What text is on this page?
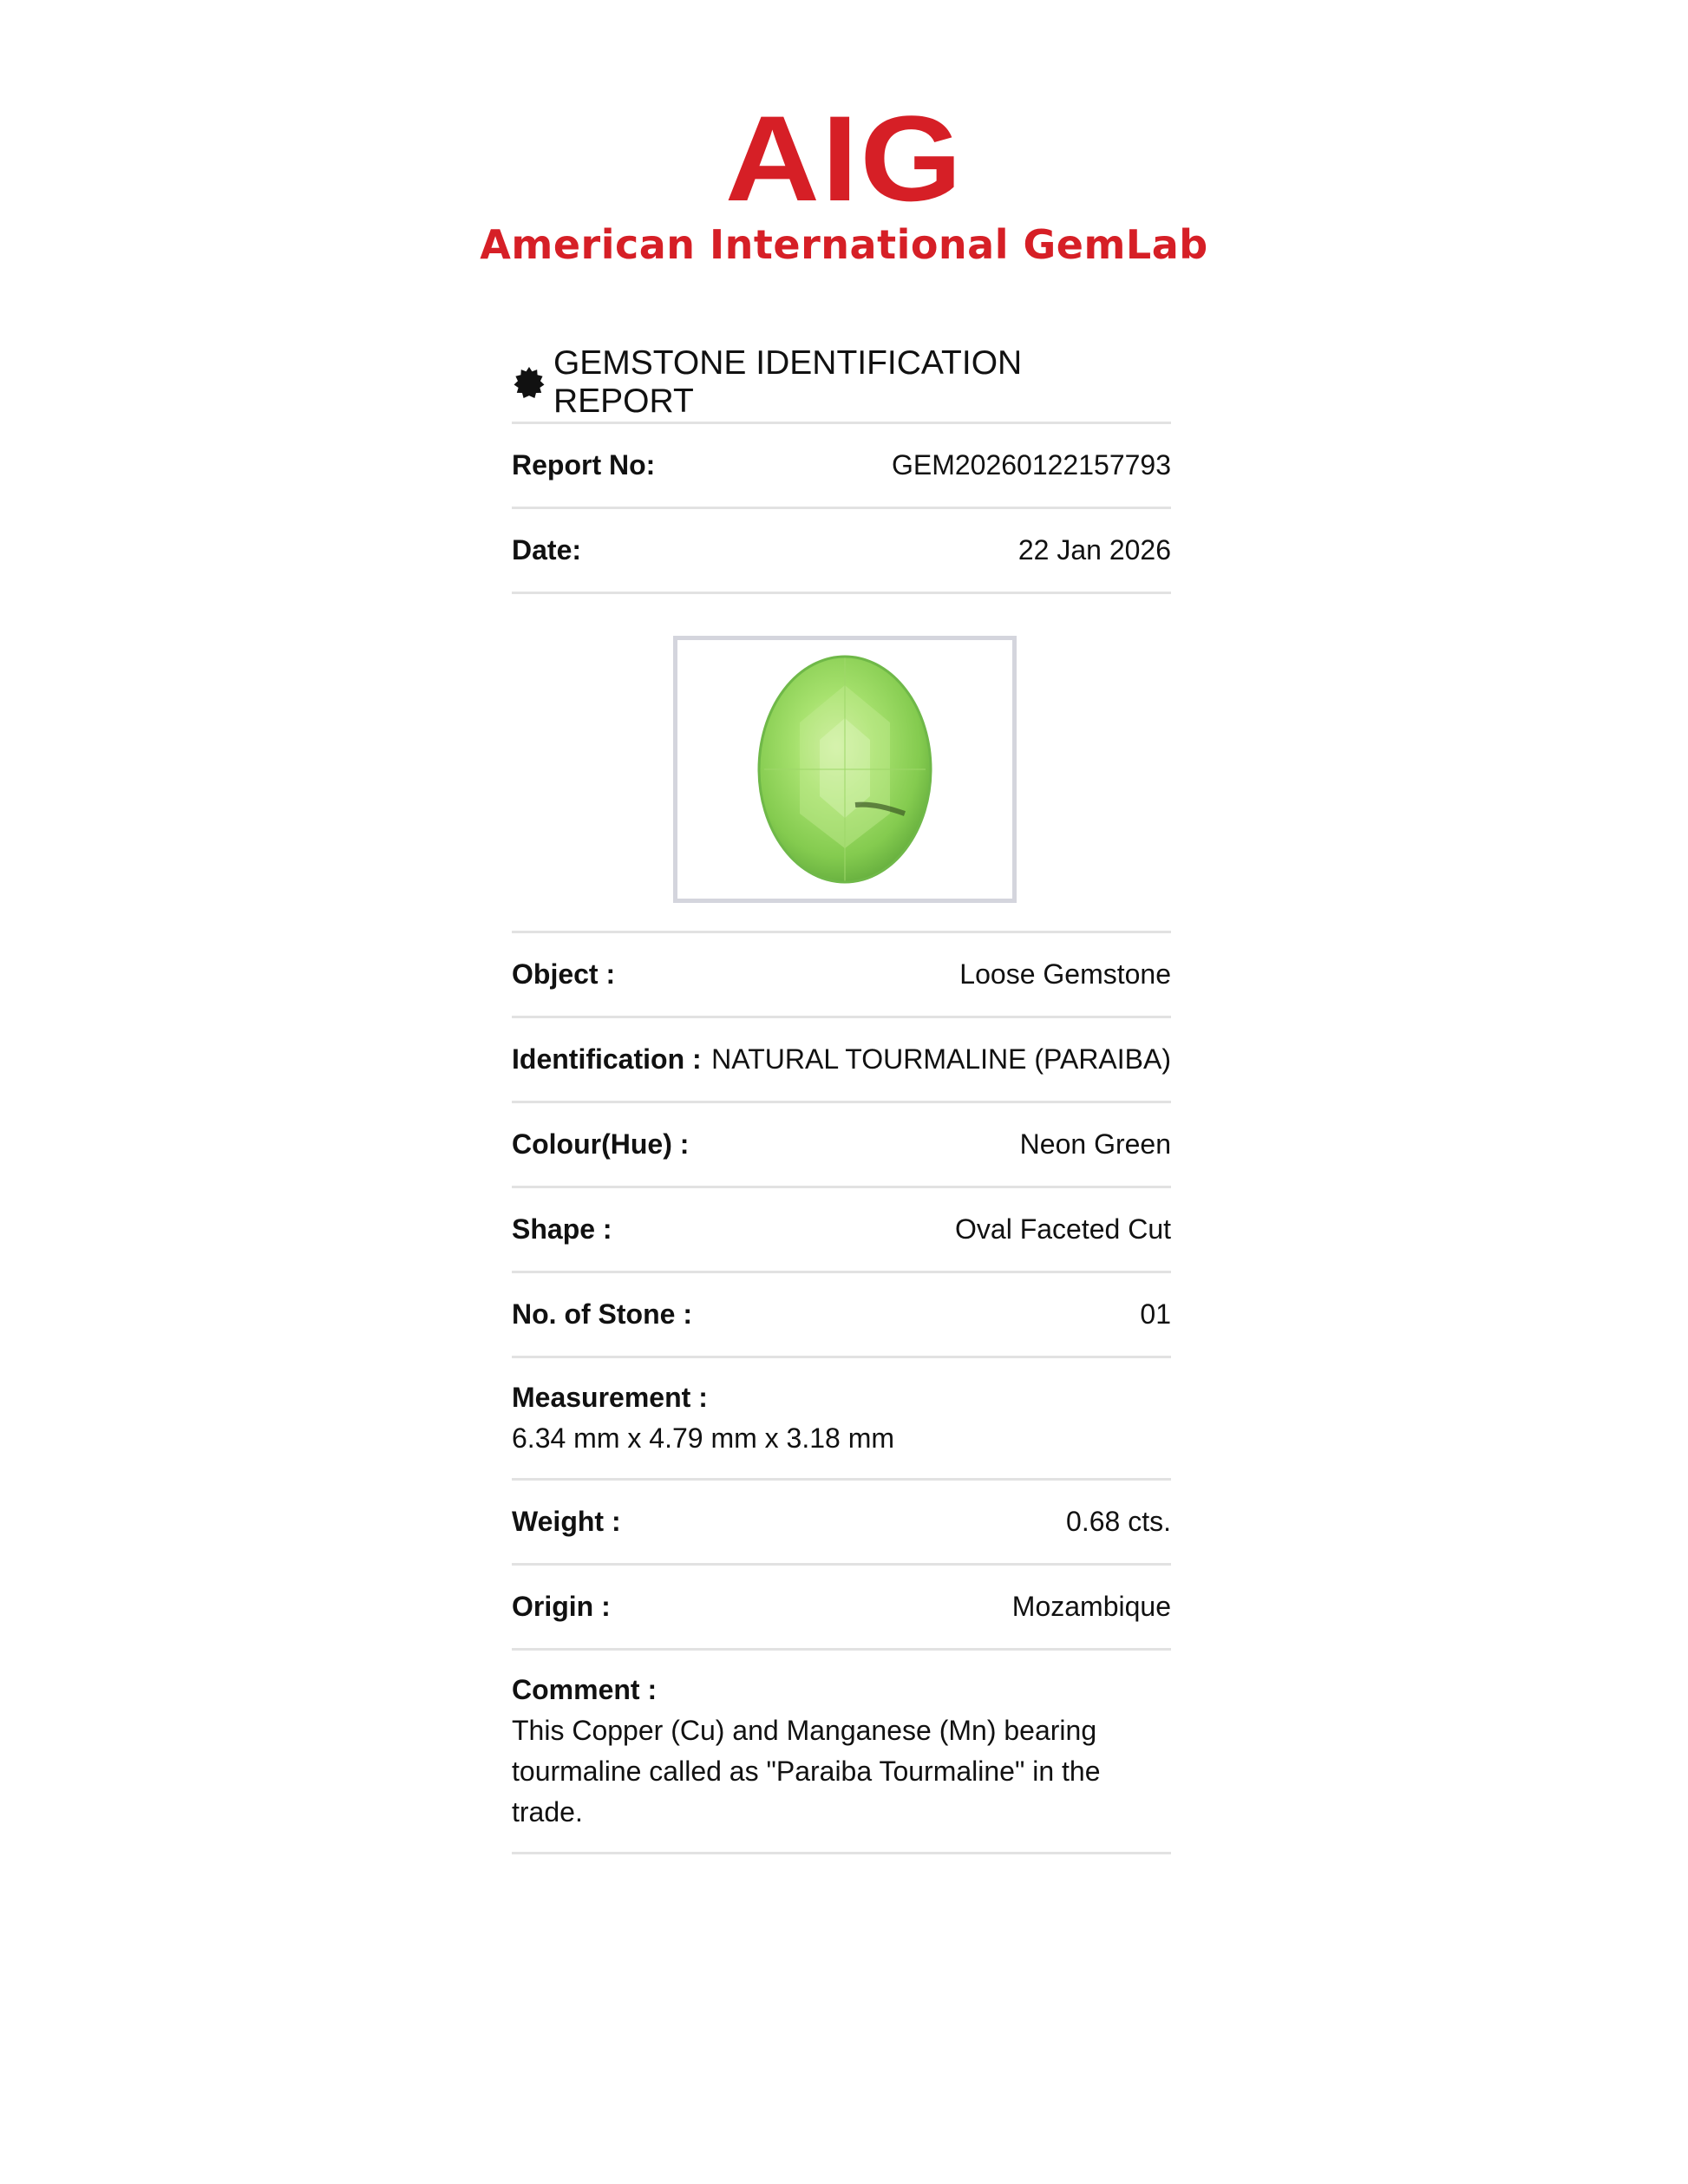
AIG
American International GemLab
GEMSTONE IDENTIFICATION REPORT
Report No:	GEM20260122157793
Date:	22 Jan 2026
Object :	Loose Gemstone
Identification : NATURAL TOURMALINE (PARAIBA)
Colour(Hue) :	Neon Green
Shape :	Oval Faceted Cut
No. of Stone :	01
Measurement :
6.34 mm x 4.79 mm x 3.18 mm
Weight :	0.68 cts.
Origin :	Mozambique
Comment :
This Copper (Cu) and Manganese (Mn) bearing tourmaline called as "Paraiba Tourmaline" in the trade.
